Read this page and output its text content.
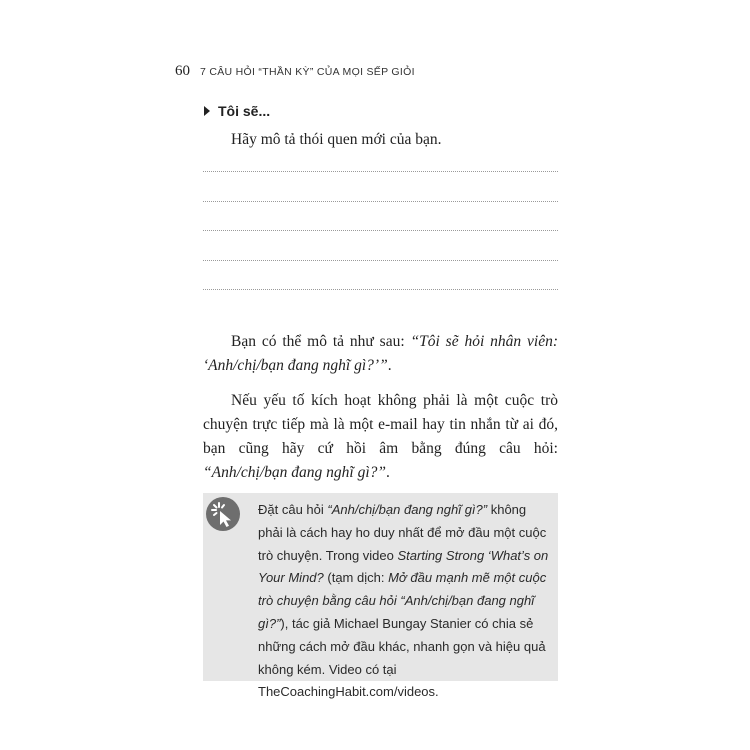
60 7 CÂU HỎI “THẦN KỲ” CỦA MỌI SẾP GIỎI
Tôi sẽ...
Hãy mô tả thói quen mới của bạn.

Bạn có thể mô tả như sau: “Tôi sẽ hỏi nhân viên: ‘Anh/chị/bạn đang nghĩ gì?’”.

Nếu yếu tố kích hoạt không phải là một cuộc trò chuyện trực tiếp mà là một e-mail hay tin nhắn từ ai đó, bạn cũng hãy cứ hồi âm bằng đúng câu hỏi: “Anh/chị/bạn đang nghĩ gì?”.

Đặt câu hỏi “Anh/chị/bạn đang nghĩ gì?” không phải là cách hay ho duy nhất để mở đầu một cuộc trò chuyện. Trong video Starting Strong ‘What’s on Your Mind? (tạm dịch: Mở đầu mạnh mẽ một cuộc trò chuyện bằng câu hỏi “Anh/chị/bạn đang nghĩ gì?”), tác giả Michael Bungay Stanier có chia sẻ những cách mở đầu khác, nhanh gọn và hiệu quả không kém. Video có tại TheCoachingHabit.com/videos.
